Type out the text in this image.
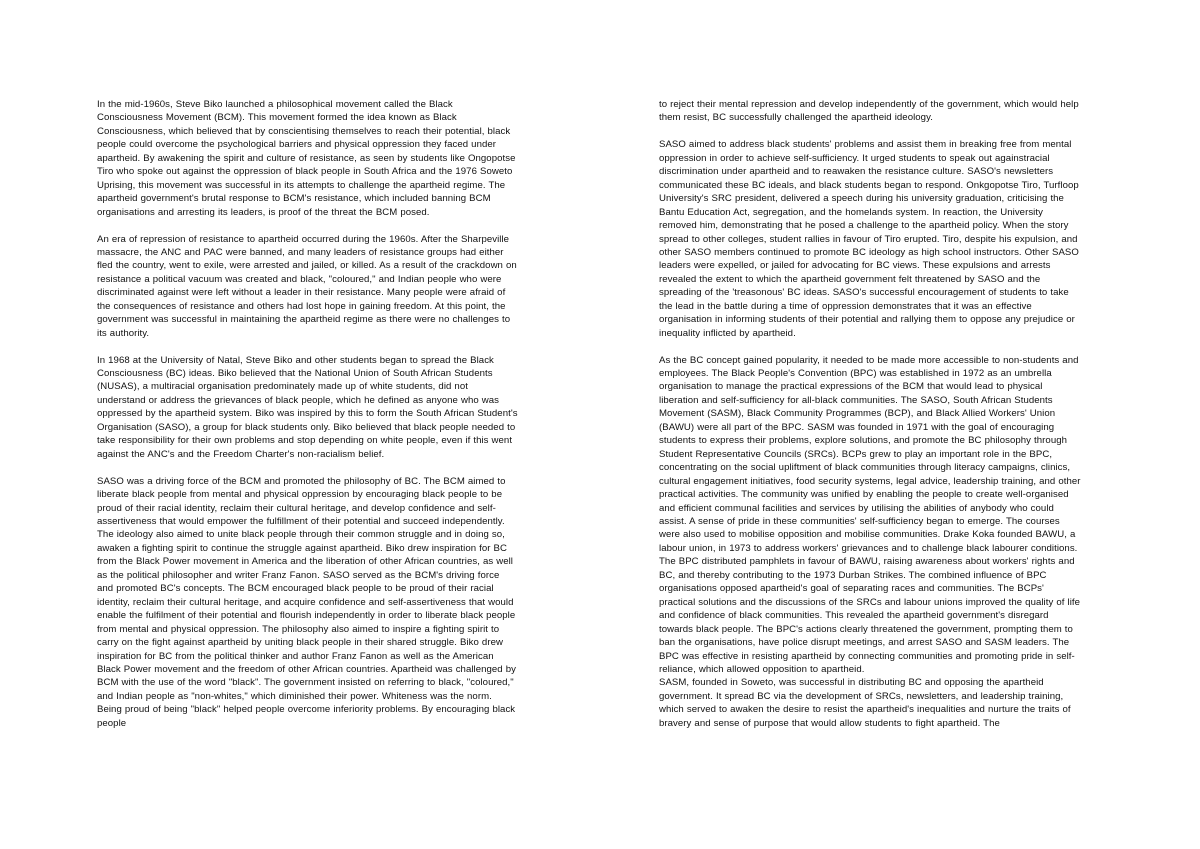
In the mid-1960s, Steve Biko launched a philosophical movement called the Black Consciousness Movement (BCM). This movement formed the idea known as Black Consciousness, which believed that by conscientising themselves to reach their potential, black people could overcome the psychological barriers and physical oppression they faced under apartheid. By awakening the spirit and culture of resistance, as seen by students like Ongopotse Tiro who spoke out against the oppression of black people in South Africa and the 1976 Soweto Uprising, this movement was successful in its attempts to challenge the apartheid regime. The apartheid government's brutal response to BCM's resistance, which included banning BCM organisations and arresting its leaders, is proof of the threat the BCM posed.

An era of repression of resistance to apartheid occurred during the 1960s. After the Sharpeville massacre, the ANC and PAC were banned, and many leaders of resistance groups had either fled the country, went to exile, were arrested and jailed, or killed. As a result of the crackdown on resistance a political vacuum was created and black, "coloured," and Indian people who were discriminated against were left without a leader in their resistance. Many people were afraid of the consequences of resistance and others had lost hope in gaining freedom. At this point, the government was successful in maintaining the apartheid regime as there were no challenges to its authority.

In 1968 at the University of Natal, Steve Biko and other students began to spread the Black Consciousness (BC) ideas. Biko believed that the National Union of South African Students (NUSAS), a multiracial organisation predominately made up of white students, did not understand or address the grievances of black people, which he defined as anyone who was oppressed by the apartheid system. Biko was inspired by this to form the South African Student's Organisation (SASO), a group for black students only. Biko believed that black people needed to take responsibility for their own problems and stop depending on white people, even if this went against the ANC's and the Freedom Charter's non-racialism belief.

SASO was a driving force of the BCM and promoted the philosophy of BC. The BCM aimed to liberate black people from mental and physical oppression by encouraging black people to be proud of their racial identity, reclaim their cultural heritage, and develop confidence and self-assertiveness that would empower the fulfillment of their potential and succeed independently. The ideology also aimed to unite black people through their common struggle and in doing so, awaken a fighting spirit to continue the struggle against apartheid. Biko drew inspiration for BC from the Black Power movement in America and the liberation of other African countries, as well as the political philosopher and writer Franz Fanon. SASO served as the BCM's driving force and promoted BC's concepts. The BCM encouraged black people to be proud of their racial identity, reclaim their cultural heritage, and acquire confidence and self-assertiveness that would enable the fulfilment of their potential and flourish independently in order to liberate black people from mental and physical oppression. The philosophy also aimed to inspire a fighting spirit to carry on the fight against apartheid by uniting black people in their shared struggle. Biko drew inspiration for BC from the political thinker and author Franz Fanon as well as the American Black Power movement and the freedom of other African countries. Apartheid was challenged by BCM with the use of the word "black". The government insisted on referring to black, "coloured," and Indian people as "non-whites," which diminished their power. Whiteness was the norm. Being proud of being "black" helped people overcome inferiority problems. By encouraging black people

to reject their mental repression and develop independently of the government, which would help them resist, BC successfully challenged the apartheid ideology.

SASO aimed to address black students' problems and assist them in breaking free from mental oppression in order to achieve self-sufficiency. It urged students to speak out againstracial discrimination under apartheid and to reawaken the resistance culture. SASO's newsletters communicated these BC ideals, and black students began to respond. Onkgopotse Tiro, Turfloop University's SRC president, delivered a speech during his university graduation, criticising the Bantu Education Act, segregation, and the homelands system. In reaction, the University removed him, demonstrating that he posed a challenge to the apartheid policy. When the story spread to other colleges, student rallies in favour of Tiro erupted. Tiro, despite his expulsion, and other SASO members continued to promote BC ideology as high school instructors. Other SASO leaders were expelled, or jailed for advocating for BC views. These expulsions and arrests revealed the extent to which the apartheid government felt threatened by SASO and the spreading of the 'treasonous' BC ideas. SASO's successful encouragement of students to take the lead in the battle during a time of oppression demonstrates that it was an effective organisation in informing students of their potential and rallying them to oppose any prejudice or inequality inflicted by apartheid.

As the BC concept gained popularity, it needed to be made more accessible to non-students and employees. The Black People's Convention (BPC) was established in 1972 as an umbrella organisation to manage the practical expressions of the BCM that would lead to physical liberation and self-sufficiency for all-black communities. The SASO, South African Students Movement (SASM), Black Community Programmes (BCP), and Black Allied Workers' Union (BAWU) were all part of the BPC. SASM was founded in 1971 with the goal of encouraging students to express their problems, explore solutions, and promote the BC philosophy through Student Representative Councils (SRCs). BCPs grew to play an important role in the BPC, concentrating on the social upliftment of black communities through literacy campaigns, clinics, cultural engagement initiatives, food security systems, legal advice, leadership training, and other practical activities. The community was unified by enabling the people to create well-organised and efficient communal facilities and services by utilising the abilities of anybody who could assist. A sense of pride in these communities' self-sufficiency began to emerge. The courses were also used to mobilise opposition and mobilise communities. Drake Koka founded BAWU, a labour union, in 1973 to address workers' grievances and to challenge black labourer conditions. The BPC distributed pamphlets in favour of BAWU, raising awareness about workers' rights and BC, and thereby contributing to the 1973 Durban Strikes. The combined influence of BPC organisations opposed apartheid's goal of separating races and communities. The BCPs' practical solutions and the discussions of the SRCs and labour unions improved the quality of life and confidence of black communities. This revealed the apartheid government's disregard towards black people. The BPC's actions clearly threatened the government, prompting them to ban the organisations, have police disrupt meetings, and arrest SASO and SASM leaders. The BPC was effective in resisting apartheid by connecting communities and promoting pride in self-reliance, which allowed opposition to apartheid.

SASM, founded in Soweto, was successful in distributing BC and opposing the apartheid government. It spread BC via the development of SRCs, newsletters, and leadership training, which served to awaken the desire to resist the apartheid's inequalities and nurture the traits of bravery and sense of purpose that would allow students to fight apartheid. The
